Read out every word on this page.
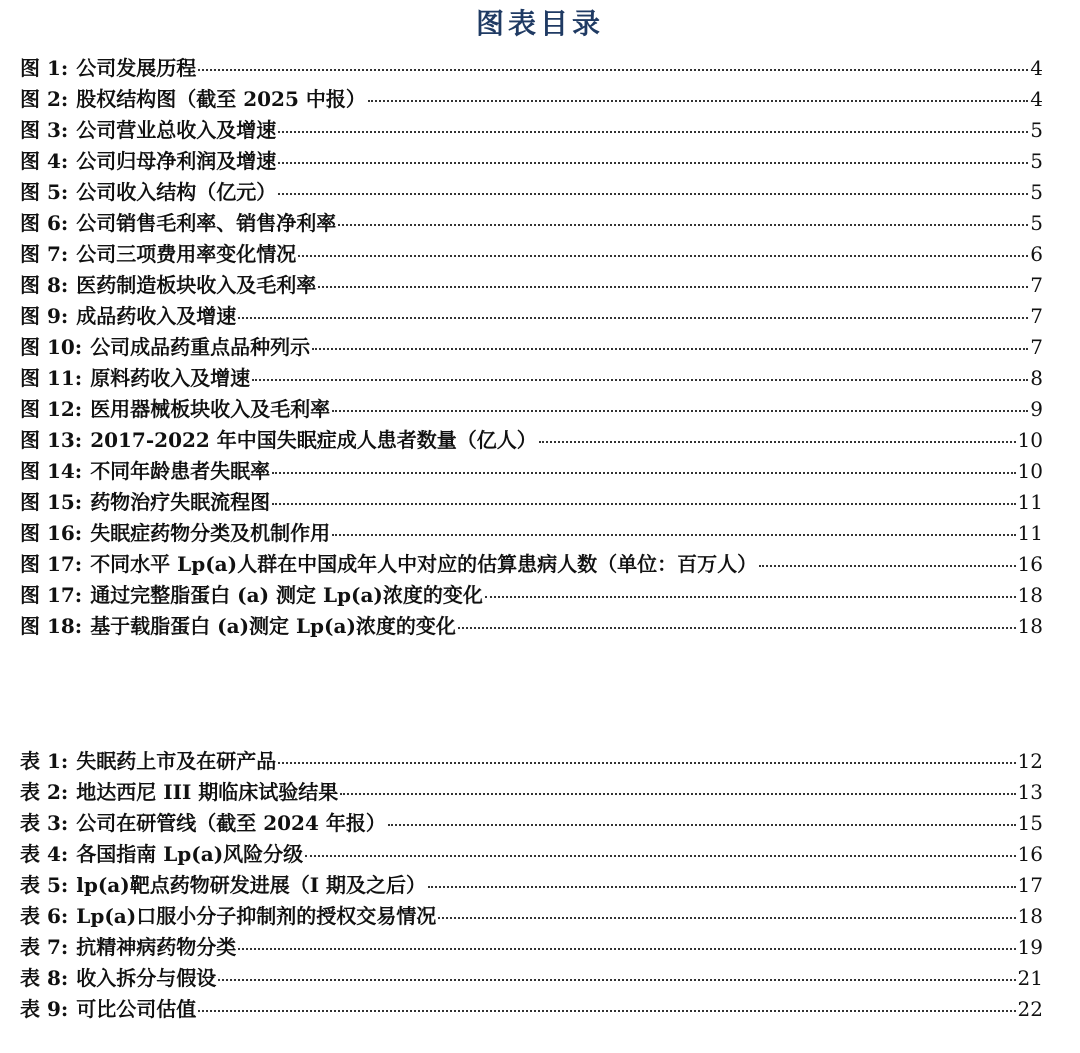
图表目录
图 1: 公司发展历程	4
图 2: 股权结构图（截至 2025 中报）	4
图 3: 公司营业总收入及增速	5
图 4: 公司归母净利润及增速	5
图 5: 公司收入结构（亿元）	5
图 6: 公司销售毛利率、销售净利率	5
图 7: 公司三项费用率变化情况	6
图 8: 医药制造板块收入及毛利率	7
图 9: 成品药收入及增速	7
图 10: 公司成品药重点品种列示	7
图 11: 原料药收入及增速	8
图 12: 医用器械板块收入及毛利率	9
图 13: 2017-2022 年中国失眠症成人患者数量（亿人）	10
图 14: 不同年龄患者失眠率	10
图 15: 药物治疗失眠流程图	11
图 16: 失眠症药物分类及机制作用	11
图 17: 不同水平 Lp(a)人群在中国成年人中对应的估算患病人数（单位：百万人）	16
图 17: 通过完整脂蛋白 (a) 测定 Lp(a)浓度的变化	18
图 18: 基于载脂蛋白 (a)测定 Lp(a)浓度的变化	18
表 1: 失眠药上市及在研产品	12
表 2: 地达西尼 III 期临床试验结果	13
表 3: 公司在研管线（截至 2024 年报）	15
表 4: 各国指南 Lp(a)风险分级	16
表 5: lp(a)靶点药物研发进展（I 期及之后）	17
表 6: Lp(a)口服小分子抑制剂的授权交易情况	18
表 7: 抗精神病药物分类	19
表 8: 收入拆分与假设	21
表 9: 可比公司估值	22
